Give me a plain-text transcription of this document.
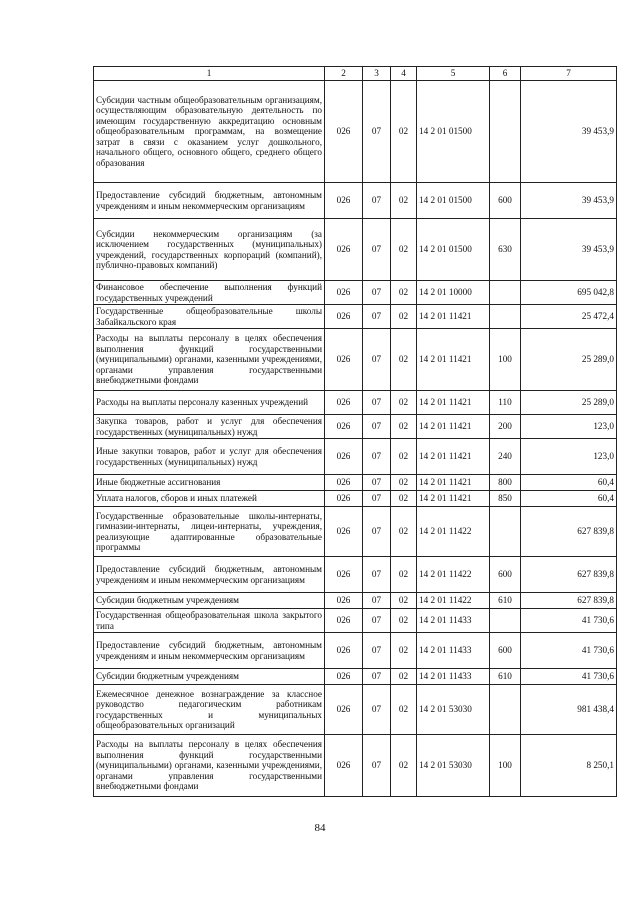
1	2	3	4	5	6	7
Субсидии частным общеобразовательным организациям, осуществляющим образовательную деятельность по имеющим государственную аккредитацию основным общеобразовательным программам, на возмещение затрат в связи с оказанием услуг дошкольного, начального общего, основного общего, среднего общего образования	026	07	02	14 2 01 01500		39 453,9
Предоставление субсидий бюджетным, автономным учреждениям и иным некоммерческим организациям	026	07	02	14 2 01 01500	600	39 453,9
Субсидии некоммерческим организациям (за исключением государственных (муниципальных) учреждений, государственных корпораций (компаний), публично-правовых компаний)	026	07	02	14 2 01 01500	630	39 453,9
Финансовое обеспечение выполнения функций государственных учреждений	026	07	02	14 2 01 10000		695 042,8
Государственные общеобразовательные школы Забайкальского края	026	07	02	14 2 01 11421		25 472,4
Расходы на выплаты персоналу в целях обеспечения выполнения функций государственными (муниципальными) органами, казенными учреждениями, органами управления государственными внебюджетными фондами	026	07	02	14 2 01 11421	100	25 289,0
Расходы на выплаты персоналу казенных учреждений	026	07	02	14 2 01 11421	110	25 289,0
Закупка товаров, работ и услуг для обеспечения государственных (муниципальных) нужд	026	07	02	14 2 01 11421	200	123,0
Иные закупки товаров, работ и услуг для обеспечения государственных (муниципальных) нужд	026	07	02	14 2 01 11421	240	123,0
Иные бюджетные ассигнования	026	07	02	14 2 01 11421	800	60,4
Уплата налогов, сборов и иных платежей	026	07	02	14 2 01 11421	850	60,4
Государственные образовательные школы-интернаты, гимназии-интернаты, лицеи-интернаты, учреждения, реализующие адаптированные образовательные программы	026	07	02	14 2 01 11422		627 839,8
Предоставление субсидий бюджетным, автономным учреждениям и иным некоммерческим организациям	026	07	02	14 2 01 11422	600	627 839,8
Субсидии бюджетным учреждениям	026	07	02	14 2 01 11422	610	627 839,8
Государственная общеобразовательная школа закрытого типа	026	07	02	14 2 01 11433		41 730,6
Предоставление субсидий бюджетным, автономным учреждениям и иным некоммерческим организациям	026	07	02	14 2 01 11433	600	41 730,6
Субсидии бюджетным учреждениям	026	07	02	14 2 01 11433	610	41 730,6
Ежемесячное денежное вознаграждение за классное руководство педагогическим работникам государственных и муниципальных общеобразовательных организаций	026	07	02	14 2 01 53030		981 438,4
Расходы на выплаты персоналу в целях обеспечения выполнения функций государственными (муниципальными) органами, казенными учреждениями, органами управления государственными внебюджетными фондами	026	07	02	14 2 01 53030	100	8 250,1
84
